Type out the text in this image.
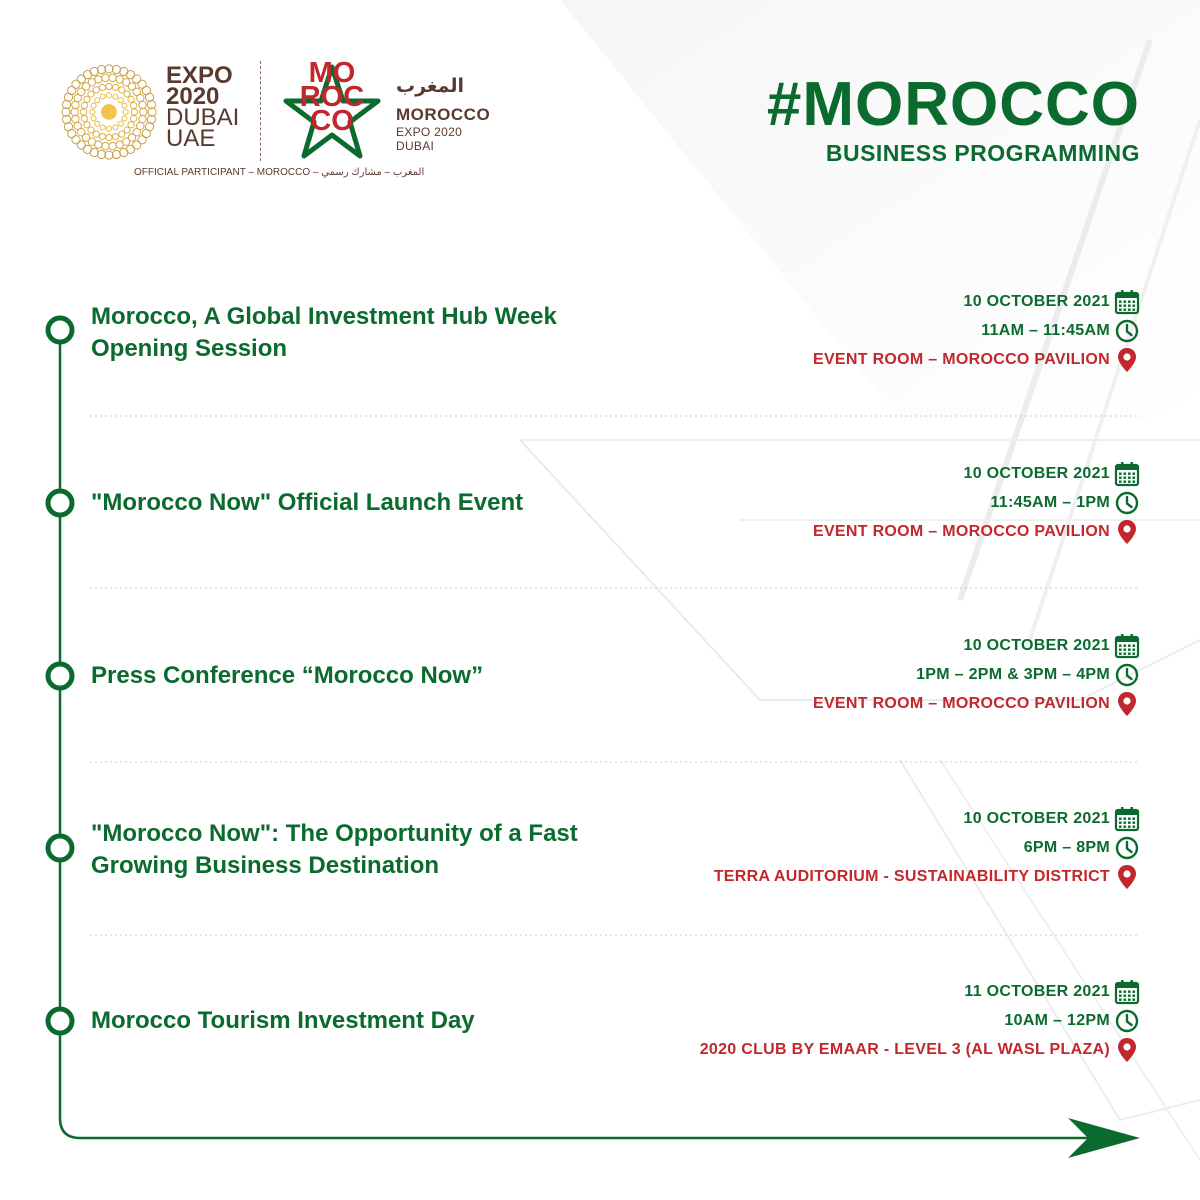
EXPO
2020
DUBAI
UAE
MO
ROC
CO
المغرب
MOROCCO
EXPO 2020 DUBAI
OFFICIAL PARTICIPANT – MOROCCO – المغرب – مشارك رسمي
#MOROCCO
BUSINESS PROGRAMMING
Morocco, A Global Investment Hub Week Opening Session
10 OCTOBER 2021
11AM – 11:45AM
EVENT ROOM – MOROCCO PAVILION
"Morocco Now" Official Launch Event
10 OCTOBER 2021
11:45AM – 1PM
EVENT ROOM – MOROCCO PAVILION
Press Conference “Morocco Now”
10 OCTOBER 2021
1PM – 2PM & 3PM – 4PM
EVENT ROOM – MOROCCO PAVILION
"Morocco Now": The Opportunity of a Fast Growing Business Destination
10 OCTOBER 2021
6PM – 8PM
TERRA AUDITORIUM - SUSTAINABILITY DISTRICT
Morocco Tourism Investment Day
11 OCTOBER 2021
10AM – 12PM
2020 CLUB BY EMAAR - LEVEL 3 (AL WASL PLAZA)
